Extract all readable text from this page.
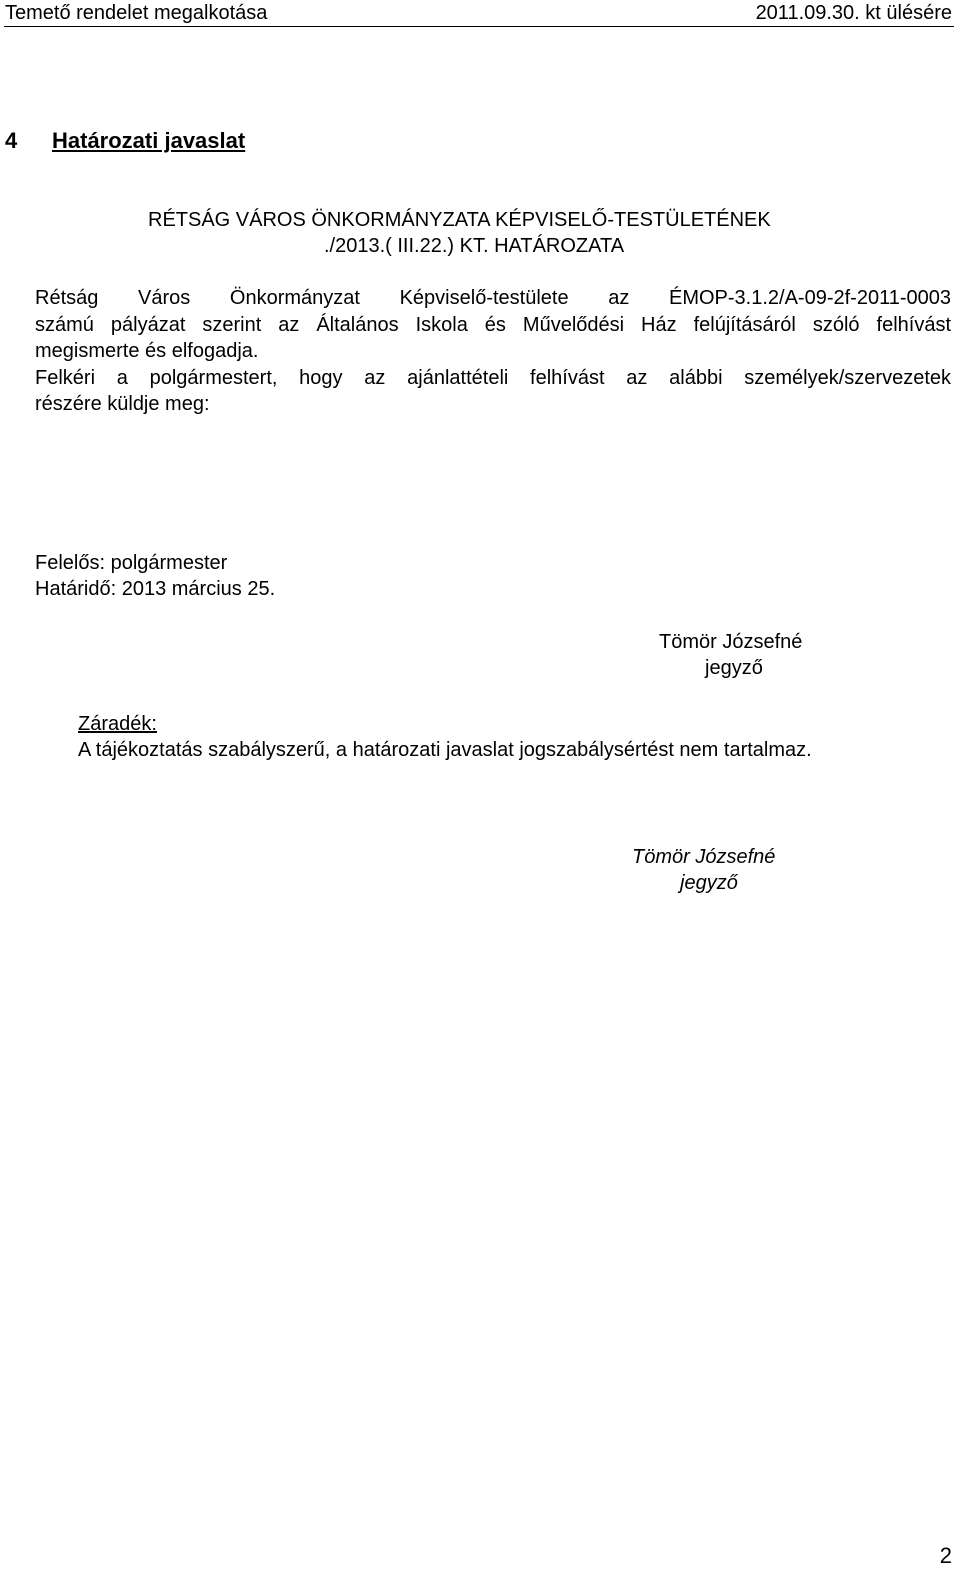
Temető rendelet megalkotása	2011.09.30. kt ülésére
4 Határozati javaslat
RÉTSÁG VÁROS ÖNKORMÁNYZATA KÉPVISELŐ-TESTÜLETÉNEK
./2013.( III.22.) KT. HATÁROZATA
Rétság Város Önkormányzat Képviselő-testülete az ÉMOP-3.1.2/A-09-2f-2011-0003
számú pályázat szerint az Általános Iskola és Művelődési Ház felújításáról szóló felhívást
megismerte és elfogadja.
Felkéri a polgármestert, hogy az ajánlattételi felhívást az alábbi személyek/szervezetek
részére küldje meg:
Felelős: polgármester
Határidő: 2013 március 25.
Tömör Józsefné
jegyző
Záradék:
A tájékoztatás szabályszerű, a határozati javaslat jogszabálysértést nem tartalmaz.
Tömör Józsefné
jegyző
2
